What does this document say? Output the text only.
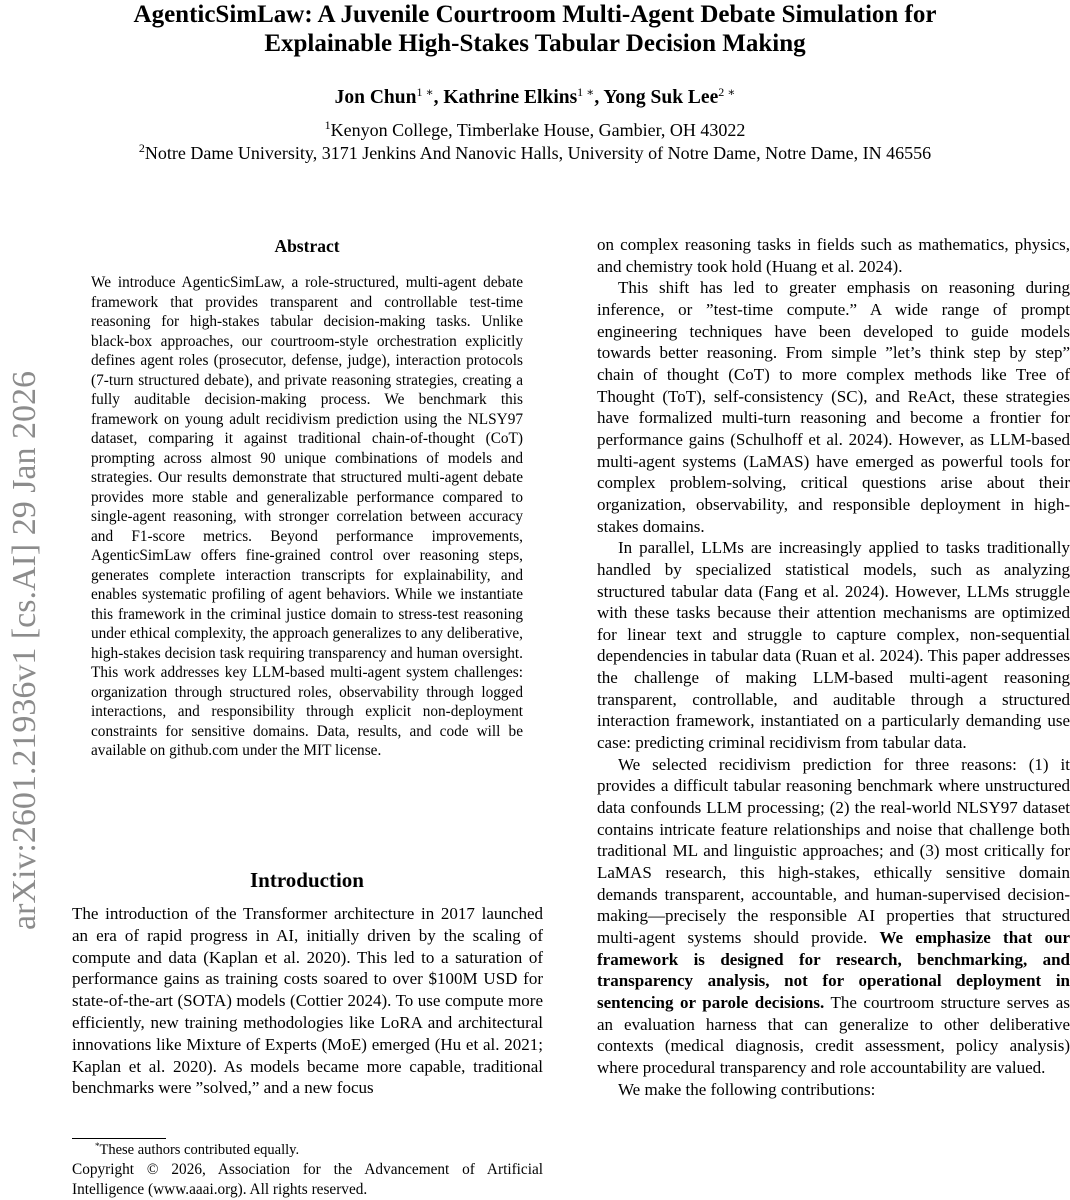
AgenticSimLaw: A Juvenile Courtroom Multi-Agent Debate Simulation for
Explainable High-Stakes Tabular Decision Making
Jon Chun$^{1 ∗}$, Kathrine Elkins$^{1 ∗}$, Yong Suk Lee$^{2 ∗}$
$^1$Kenyon College, Timberlake House, Gambier, OH 43022
$^2$Notre Dame University, 3171 Jenkins And Nanovic Halls, University of Notre Dame, Notre Dame, IN 46556
arXiv:2601.21936v1 [cs.AI] 29 Jan 2026
Abstract
We introduce AgenticSimLaw, a role-structured, multi-agent debate framework that provides transparent and controllable test-time reasoning for high-stakes tabular decision-making tasks. Unlike black-box approaches, our courtroom-style orchestration explicitly defines agent roles (prosecutor, defense, judge), interaction protocols (7-turn structured debate), and private reasoning strategies, creating a fully auditable decision-making process. We benchmark this framework on young adult recidivism prediction using the NLSY97 dataset, comparing it against traditional chain-of-thought (CoT) prompting across almost 90 unique combinations of models and strategies. Our results demonstrate that structured multi-agent debate provides more stable and generalizable performance compared to single-agent reasoning, with stronger correlation between accuracy and F1-score metrics. Beyond performance improvements, AgenticSimLaw offers fine-grained control over reasoning steps, generates complete interaction transcripts for explainability, and enables systematic profiling of agent behaviors. While we instantiate this framework in the criminal justice domain to stress-test reasoning under ethical complexity, the approach generalizes to any deliberative, high-stakes decision task requiring transparency and human oversight. This work addresses key LLM-based multi-agent system challenges: organization through structured roles, observability through logged interactions, and responsibility through explicit non-deployment constraints for sensitive domains. Data, results, and code will be available on github.com under the MIT license.
Introduction

The introduction of the Transformer architecture in 2017 launched an era of rapid progress in AI, initially driven by the scaling of compute and data (Kaplan et al. 2020). This led to a saturation of performance gains as training costs soared to over $100M USD for state-of-the-art (SOTA) models (Cottier 2024). To use compute more efficiently, new training methodologies like LoRA and architectural innovations like Mixture of Experts (MoE) emerged (Hu et al. 2021; Kaplan et al. 2020). As models became more capable, traditional benchmarks were ”solved,” and a new focus

*These authors contributed equally.
Copyright © 2026, Association for the Advancement of Artificial Intelligence (www.aaai.org). All rights reserved.

on complex reasoning tasks in fields such as mathematics, physics, and chemistry took hold (Huang et al. 2024).

This shift has led to greater emphasis on reasoning during inference, or ”test-time compute.” A wide range of prompt engineering techniques have been developed to guide models towards better reasoning. From simple ”let’s think step by step” chain of thought (CoT) to more complex methods like Tree of Thought (ToT), self-consistency (SC), and ReAct, these strategies have formalized multi-turn reasoning and become a frontier for performance gains (Schulhoff et al. 2024). However, as LLM-based multi-agent systems (LaMAS) have emerged as powerful tools for complex problem-solving, critical questions arise about their organization, observability, and responsible deployment in high-stakes domains.

In parallel, LLMs are increasingly applied to tasks traditionally handled by specialized statistical models, such as analyzing structured tabular data (Fang et al. 2024). However, LLMs struggle with these tasks because their attention mechanisms are optimized for linear text and struggle to capture complex, non-sequential dependencies in tabular data (Ruan et al. 2024). This paper addresses the challenge of making LLM-based multi-agent reasoning transparent, controllable, and auditable through a structured interaction framework, instantiated on a particularly demanding use case: predicting criminal recidivism from tabular data.

We selected recidivism prediction for three reasons: (1) it provides a difficult tabular reasoning benchmark where unstructured data confounds LLM processing; (2) the real-world NLSY97 dataset contains intricate feature relationships and noise that challenge both traditional ML and linguistic approaches; and (3) most critically for LaMAS research, this high-stakes, ethically sensitive domain demands transparent, accountable, and human-supervised decision-making—precisely the responsible AI properties that structured multi-agent systems should provide. We emphasize that our framework is designed for research, benchmarking, and transparency analysis, not for operational deployment in sentencing or parole decisions. The courtroom structure serves as an evaluation harness that can generalize to other deliberative contexts (medical diagnosis, credit assessment, policy analysis) where procedural transparency and role accountability are valued.

We make the following contributions:
